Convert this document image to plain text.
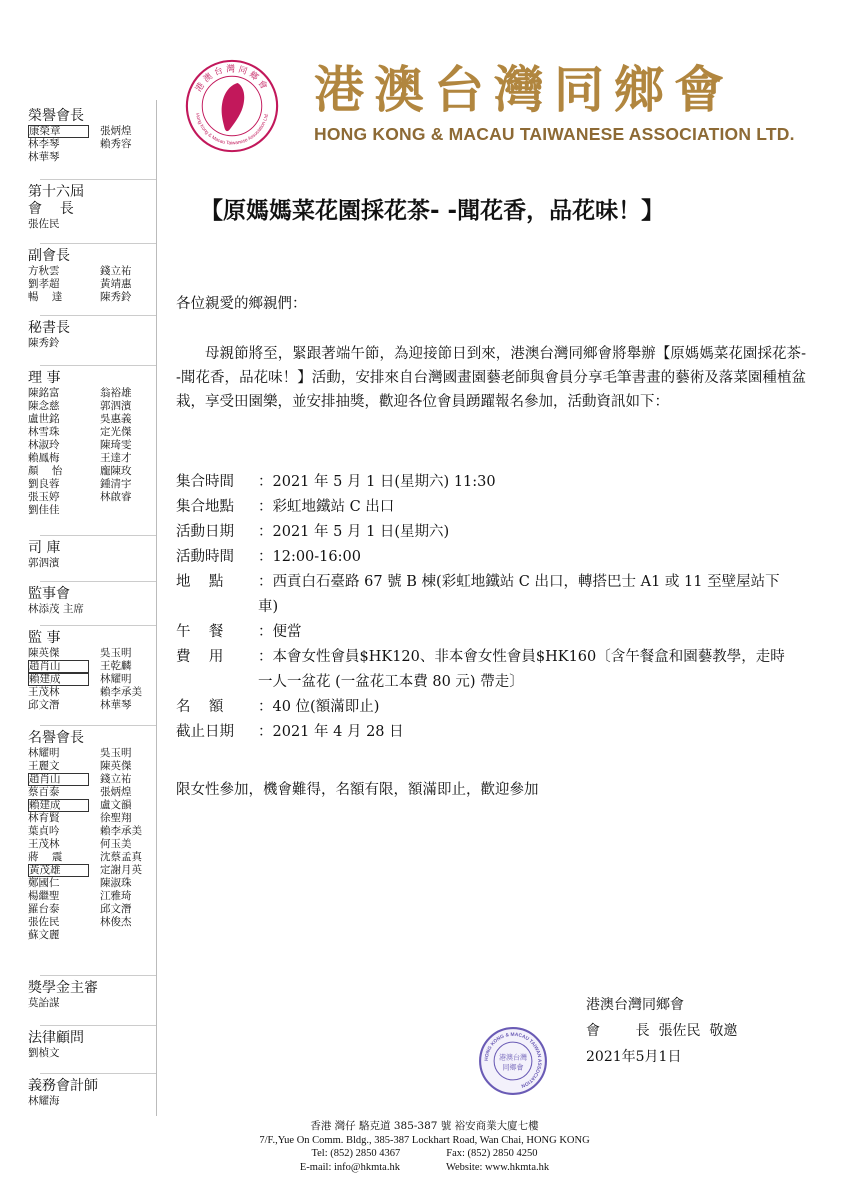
港澳台灣同鄉會
Hong Kong & Macau Taiwanese Association Ltd. 港澳台灣同鄉會
HONG KONG & MACAU TAIWANESE ASSOCIATION LTD.
【原媽媽菜花園採花茶- -聞花香，品花味！】
榮譽會長
康榮章	張炳煌
林李琴	賴秀容
林華琴
第十六屆
會    長
張佐民
副會長
方秋雲	錢立祐
劉孝超	黃靖惠
暢    達	陳秀鈴
秘書長
陳秀鈴
理 事
陳銘富	翁裕雄
陳念慈	郭泗濱
盧世銘	吳惠義
林雪珠	定光傑
林淑玲	陳琦雯
賴鳳梅	王達才
顏    怡	龐陳玫
劉良蓉	鍾清宇
張玉婷	林啟睿
劉佳佳
司 庫
郭泗濱
監事會
林添茂 主席
監 事
陳英傑	吳玉明
趙肖山	王乾麟
賴建成	林耀明
王茂林	賴李承美
邱文潛	林華琴
名譽會長
林耀明	吳玉明
王麗文	陳英傑
趙肖山	錢立祐
蔡百泰	張炳煌
賴建成	盧文韻
林育賢	徐聖翔
葉貞吟	賴李承美
王茂林	何玉美
蔣    震	沈蔡孟真
黃茂雄	定謝月英
鄭國仁	陳淑珠
楊繼聖	江雅琦
羅台泰	邱文潛
張佐民	林俊杰
蘇文麗
獎學金主審
莫詒謀
法律顧問
劉楨文
義務會計師
林耀海
各位親愛的鄉親們：
母親節將至，緊跟著端午節，為迎接節日到來，港澳台灣同鄉會將舉辦【原媽媽菜花園採花茶- -聞花香，品花味！】活動，安排來自台灣國畫園藝老師與會員分享毛筆書畫的藝術及落菜園種植盆栽，享受田園樂，並安排抽獎，歡迎各位會員踴躍報名參加，活動資訊如下：
集合時間	：2021 年 5 月 1 日(星期六) 11:30
集合地點	：彩虹地鐵站 C 出口
活動日期	：2021 年 5 月 1 日(星期六)
活動時間	：12:00-16:00
地    點	：西貢白石臺路 67 號 B 棟(彩虹地鐵站 C 出口，轉搭巴士 A1 或 11 至壁屋站下車)
午    餐	：便當
費    用	：本會女性會員$HK120、非本會女性會員$HK160〔含午餐盒和園藝教學，走時一人一盆花 (一盆花工本費 80 元) 帶走〕
名    額	：40 位(額滿即止)
截止日期	：2021 年 4 月 28 日
限女性參加，機會難得，名額有限，額滿即止，歡迎參加
港澳台灣同鄉會
會        長  張佐民  敬邀
2021年5月1日
HONG KONG & MACAU TAIWAN ASSOCIATION
港澳台灣
同鄉會
香港 灣仔 駱克道 385-387 號 裕安商業大廈七樓
7/F.,Yue On Comm. Bldg., 385-387 Lockhart Road, Wan Chai, HONG KONG
Tel: (852) 2850 4367	Fax: (852) 2850 4250
E-mail: info@hkmta.hk	Website: www.hkmta.hk
